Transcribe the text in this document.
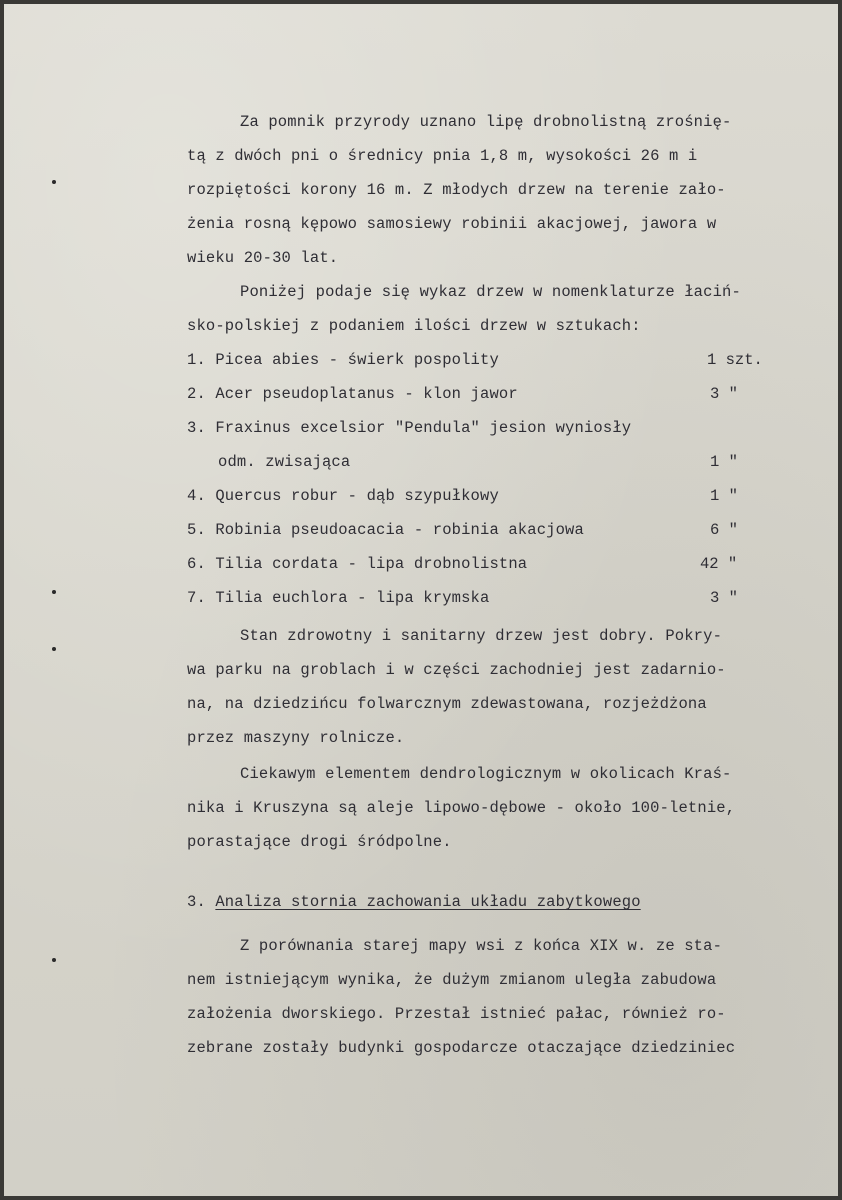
Za pomnik przyrody uznano lipę drobnolistną zrośnię-
tą z dwóch pni o średnicy pnia 1,8 m, wysokości 26 m i
rozpiętości korony 16 m. Z młodych drzew na terenie zało-
żenia rosną kępowo samosiewy robinii akacjowej, jawora w
wieku 20-30 lat.
Poniżej podaje się wykaz drzew w nomenklaturze łaciń-
sko-polskiej z podaniem ilości drzew w sztukach:
1. Picea abies - świerk pospolity	1 szt.
2. Acer pseudoplatanus - klon jawor	3 "
3. Fraxinus excelsior "Pendula" jesion wyniosły
odm. zwisająca	1 "
4. Quercus robur - dąb szypułkowy	1 "
5. Robinia pseudoacacia - robinia akacjowa	6 "
6. Tilia cordata - lipa drobnolistna	42 "
7. Tilia euchlora - lipa krymska	3 "
Stan zdrowotny i sanitarny drzew jest dobry. Pokry-
wa parku na groblach i w części zachodniej jest zadarnio-
na, na dziedzińcu folwarcznym zdewastowana, rozjeżdżona
przez maszyny rolnicze.
Ciekawym elementem dendrologicznym w okolicach Kraś-
nika i Kruszyna są aleje lipowo-dębowe - około 100-letnie,
porastające drogi śródpolne.
3. Analiza stornia zachowania układu zabytkowego
Z porównania starej mapy wsi z końca XIX w. ze sta-
nem istniejącym wynika, że dużym zmianom uległa zabudowa
założenia dworskiego. Przestał istnieć pałac, również ro-
zebrane zostały budynki gospodarcze otaczające dziedziniec
